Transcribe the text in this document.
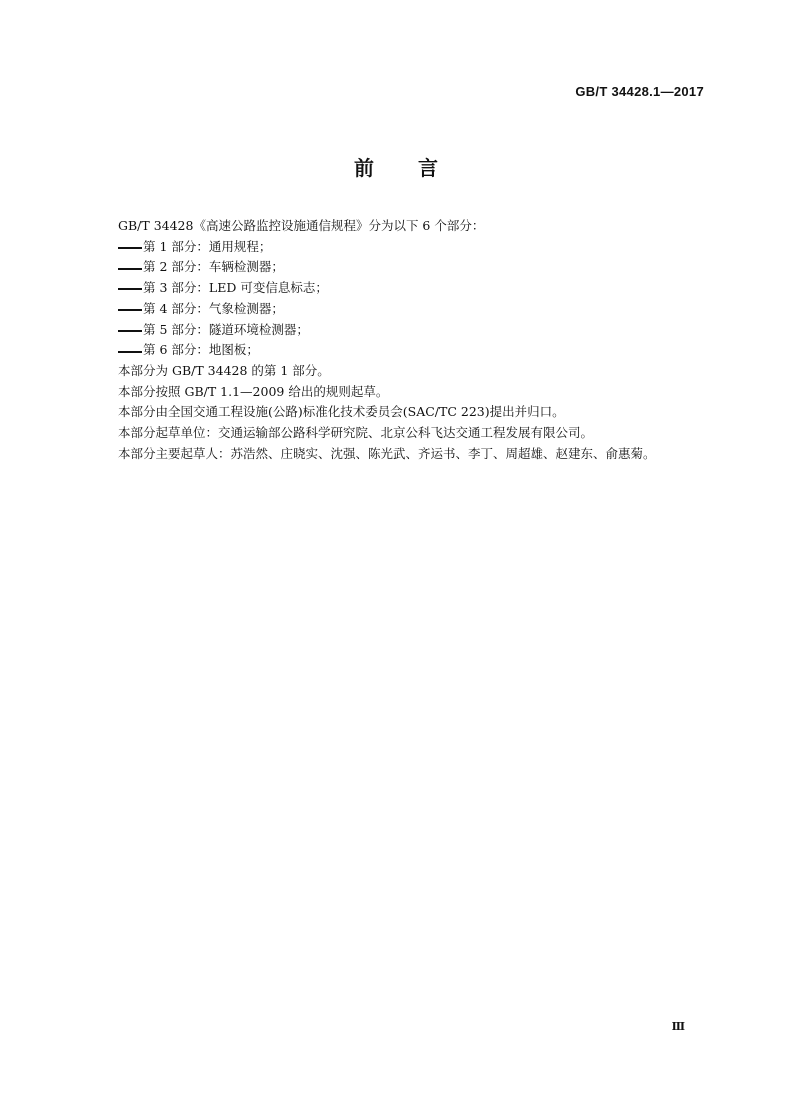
GB/T 34428.1—2017
前言

GB/T 34428《高速公路监控设施通信规程》分为以下 6 个部分：

第 1 部分：通用规程；
第 2 部分：车辆检测器；
第 3 部分：LED 可变信息标志；
第 4 部分：气象检测器；
第 5 部分：隧道环境检测器；
第 6 部分：地图板；

本部分为 GB/T 34428 的第 1 部分。

本部分按照 GB/T 1.1—2009 给出的规则起草。

本部分由全国交通工程设施(公路)标准化技术委员会(SAC/TC 223)提出并归口。

本部分起草单位：交通运输部公路科学研究院、北京公科飞达交通工程发展有限公司。

本部分主要起草人：苏浩然、庄晓实、沈强、陈光武、齐运书、李丁、周超雄、赵建东、俞惠菊。

Ⅲ
